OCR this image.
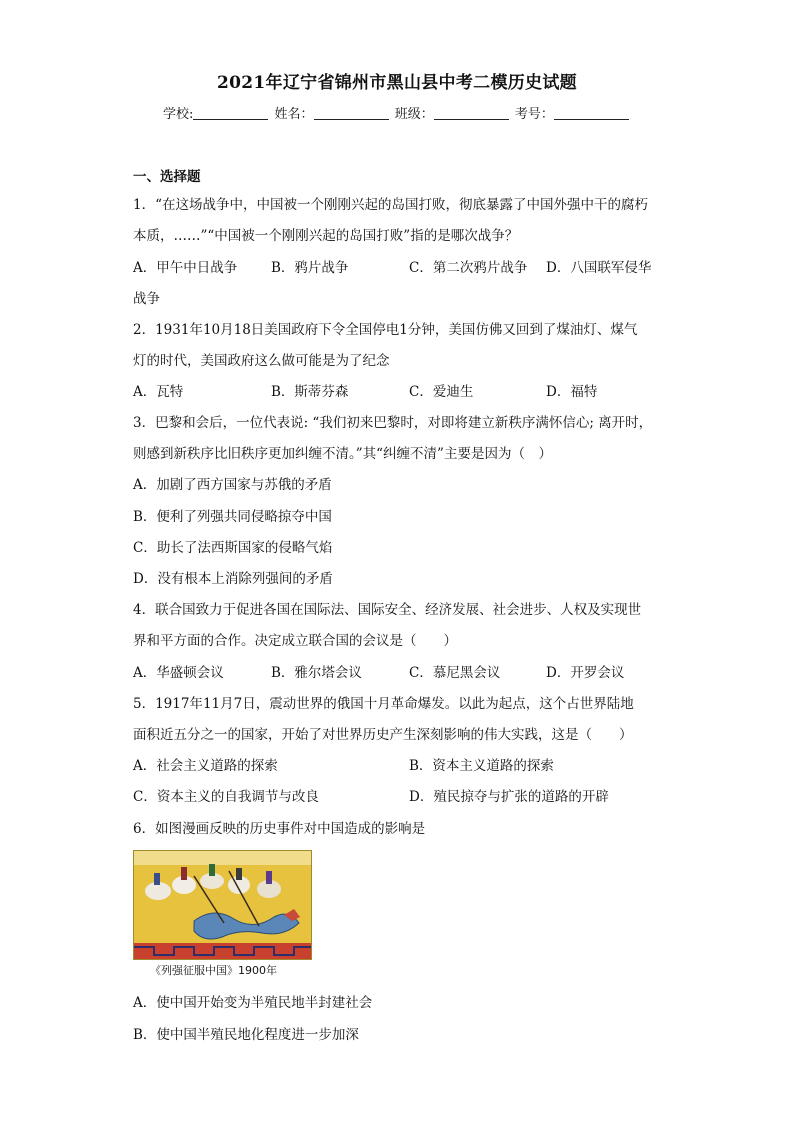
2021年辽宁省锦州市黑山县中考二模历史试题
学校:	姓名：	班级：	考号：
一、选择题
1．“在这场战争中，中国被一个刚刚兴起的岛国打败，彻底暴露了中国外强中干的腐朽
本质，……”“中国被一个刚刚兴起的岛国打败”指的是哪次战争？
A．甲午中日战争	B．鸦片战争	C．第二次鸦片战争 D．八国联军侵华
战争
2．1931年10月18日美国政府下令全国停电1分钟，美国仿佛又回到了煤油灯、煤气
灯的时代，美国政府这么做可能是为了纪念
A．瓦特	B．斯蒂芬森	C．爱迪生	D．福特
3．巴黎和会后，一位代表说: “我们初来巴黎时，对即将建立新秩序满怀信心; 离开时，
则感到新秩序比旧秩序更加纠缠不清。”其“纠缠不清”主要是因为（　）
A．加剧了西方国家与苏俄的矛盾
B．便利了列强共同侵略掠夺中国
C．助长了法西斯国家的侵略气焰
D．没有根本上消除列强间的矛盾
4．联合国致力于促进各国在国际法、国际安全、经济发展、社会进步、人权及实现世
界和平方面的合作。决定成立联合国的会议是（　　）
A．华盛顿会议	B．雅尔塔会议	C．慕尼黑会议	D．开罗会议
5．1917年11月7日，震动世界的俄国十月革命爆发。以此为起点，这个占世界陆地
面积近五分之一的国家，开始了对世界历史产生深刻影响的伟大实践，这是（　　）
A．社会主义道路的探索	B．资本主义道路的探索
C．资本主义的自我调节与改良	D．殖民掠夺与扩张的道路的开辟
6．如图漫画反映的历史事件对中国造成的影响是
《列强征服中国》1900年
A．使中国开始变为半殖民地半封建社会
B．使中国半殖民地化程度进一步加深
